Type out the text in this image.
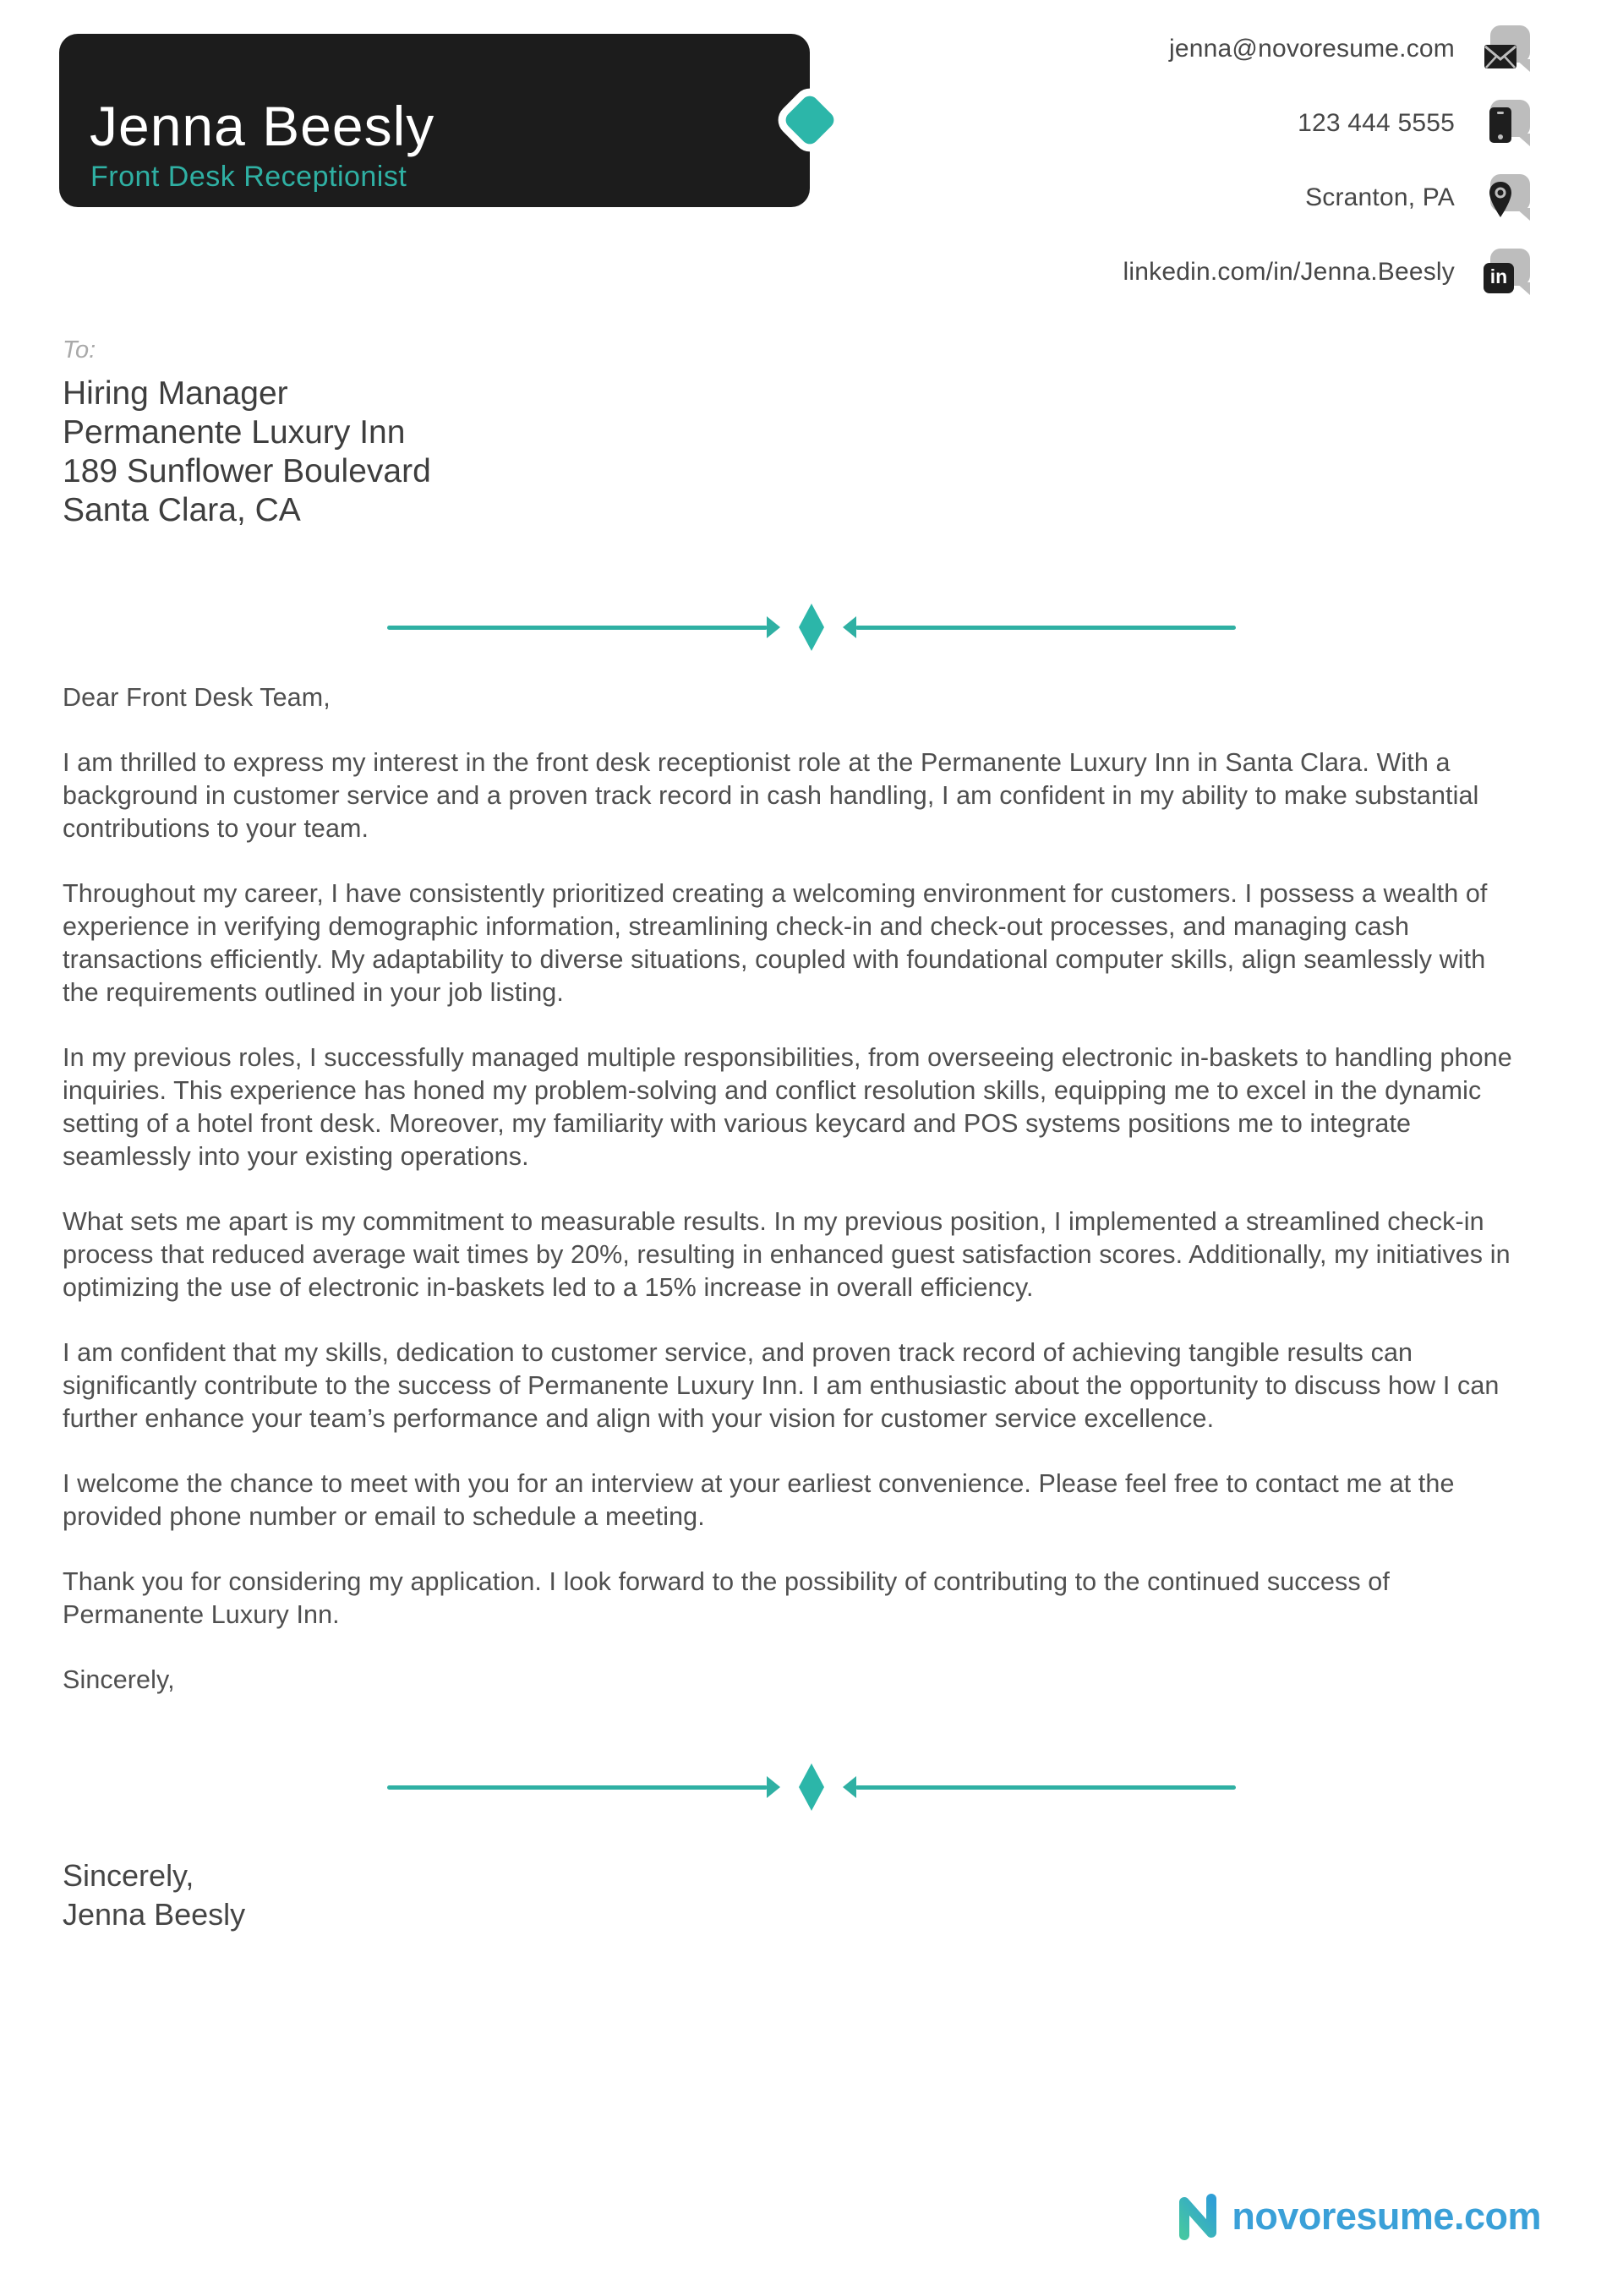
Jenna Beesly
Front Desk Receptionist
jenna@novoresume.com
123 444 5555
Scranton, PA
linkedin.com/in/Jenna.Beesly	in
To:
Hiring Manager
Permanente Luxury Inn
189 Sunflower Boulevard
Santa Clara, CA

Dear Front Desk Team,

I am thrilled to express my interest in the front desk receptionist role at the Permanente Luxury Inn in Santa Clara. With a background in customer service and a proven track record in cash handling, I am confident in my ability to make substantial contributions to your team.

Throughout my career, I have consistently prioritized creating a welcoming environment for customers. I possess a wealth of experience in verifying demographic information, streamlining check-in and check-out processes, and managing cash transactions efficiently. My adaptability to diverse situations, coupled with foundational computer skills, align seamlessly with the requirements outlined in your job listing.

In my previous roles, I successfully managed multiple responsibilities, from overseeing electronic in-baskets to handling phone inquiries. This experience has honed my problem-solving and conflict resolution skills, equipping me to excel in the dynamic setting of a hotel front desk. Moreover, my familiarity with various keycard and POS systems positions me to integrate seamlessly into your existing operations.

What sets me apart is my commitment to measurable results. In my previous position, I implemented a streamlined check-in process that reduced average wait times by 20%, resulting in enhanced guest satisfaction scores. Additionally, my initiatives in optimizing the use of electronic in-baskets led to a 15% increase in overall efficiency.

I am confident that my skills, dedication to customer service, and proven track record of achieving tangible results can significantly contribute to the success of Permanente Luxury Inn. I am enthusiastic about the opportunity to discuss how I can further enhance your team’s performance and align with your vision for customer service excellence.

I welcome the chance to meet with you for an interview at your earliest convenience. Please feel free to contact me at the provided phone number or email to schedule a meeting.

Thank you for considering my application. I look forward to the possibility of contributing to the continued success of Permanente Luxury Inn.

Sincerely,

Sincerely,
Jenna Beesly
novoresume.com
